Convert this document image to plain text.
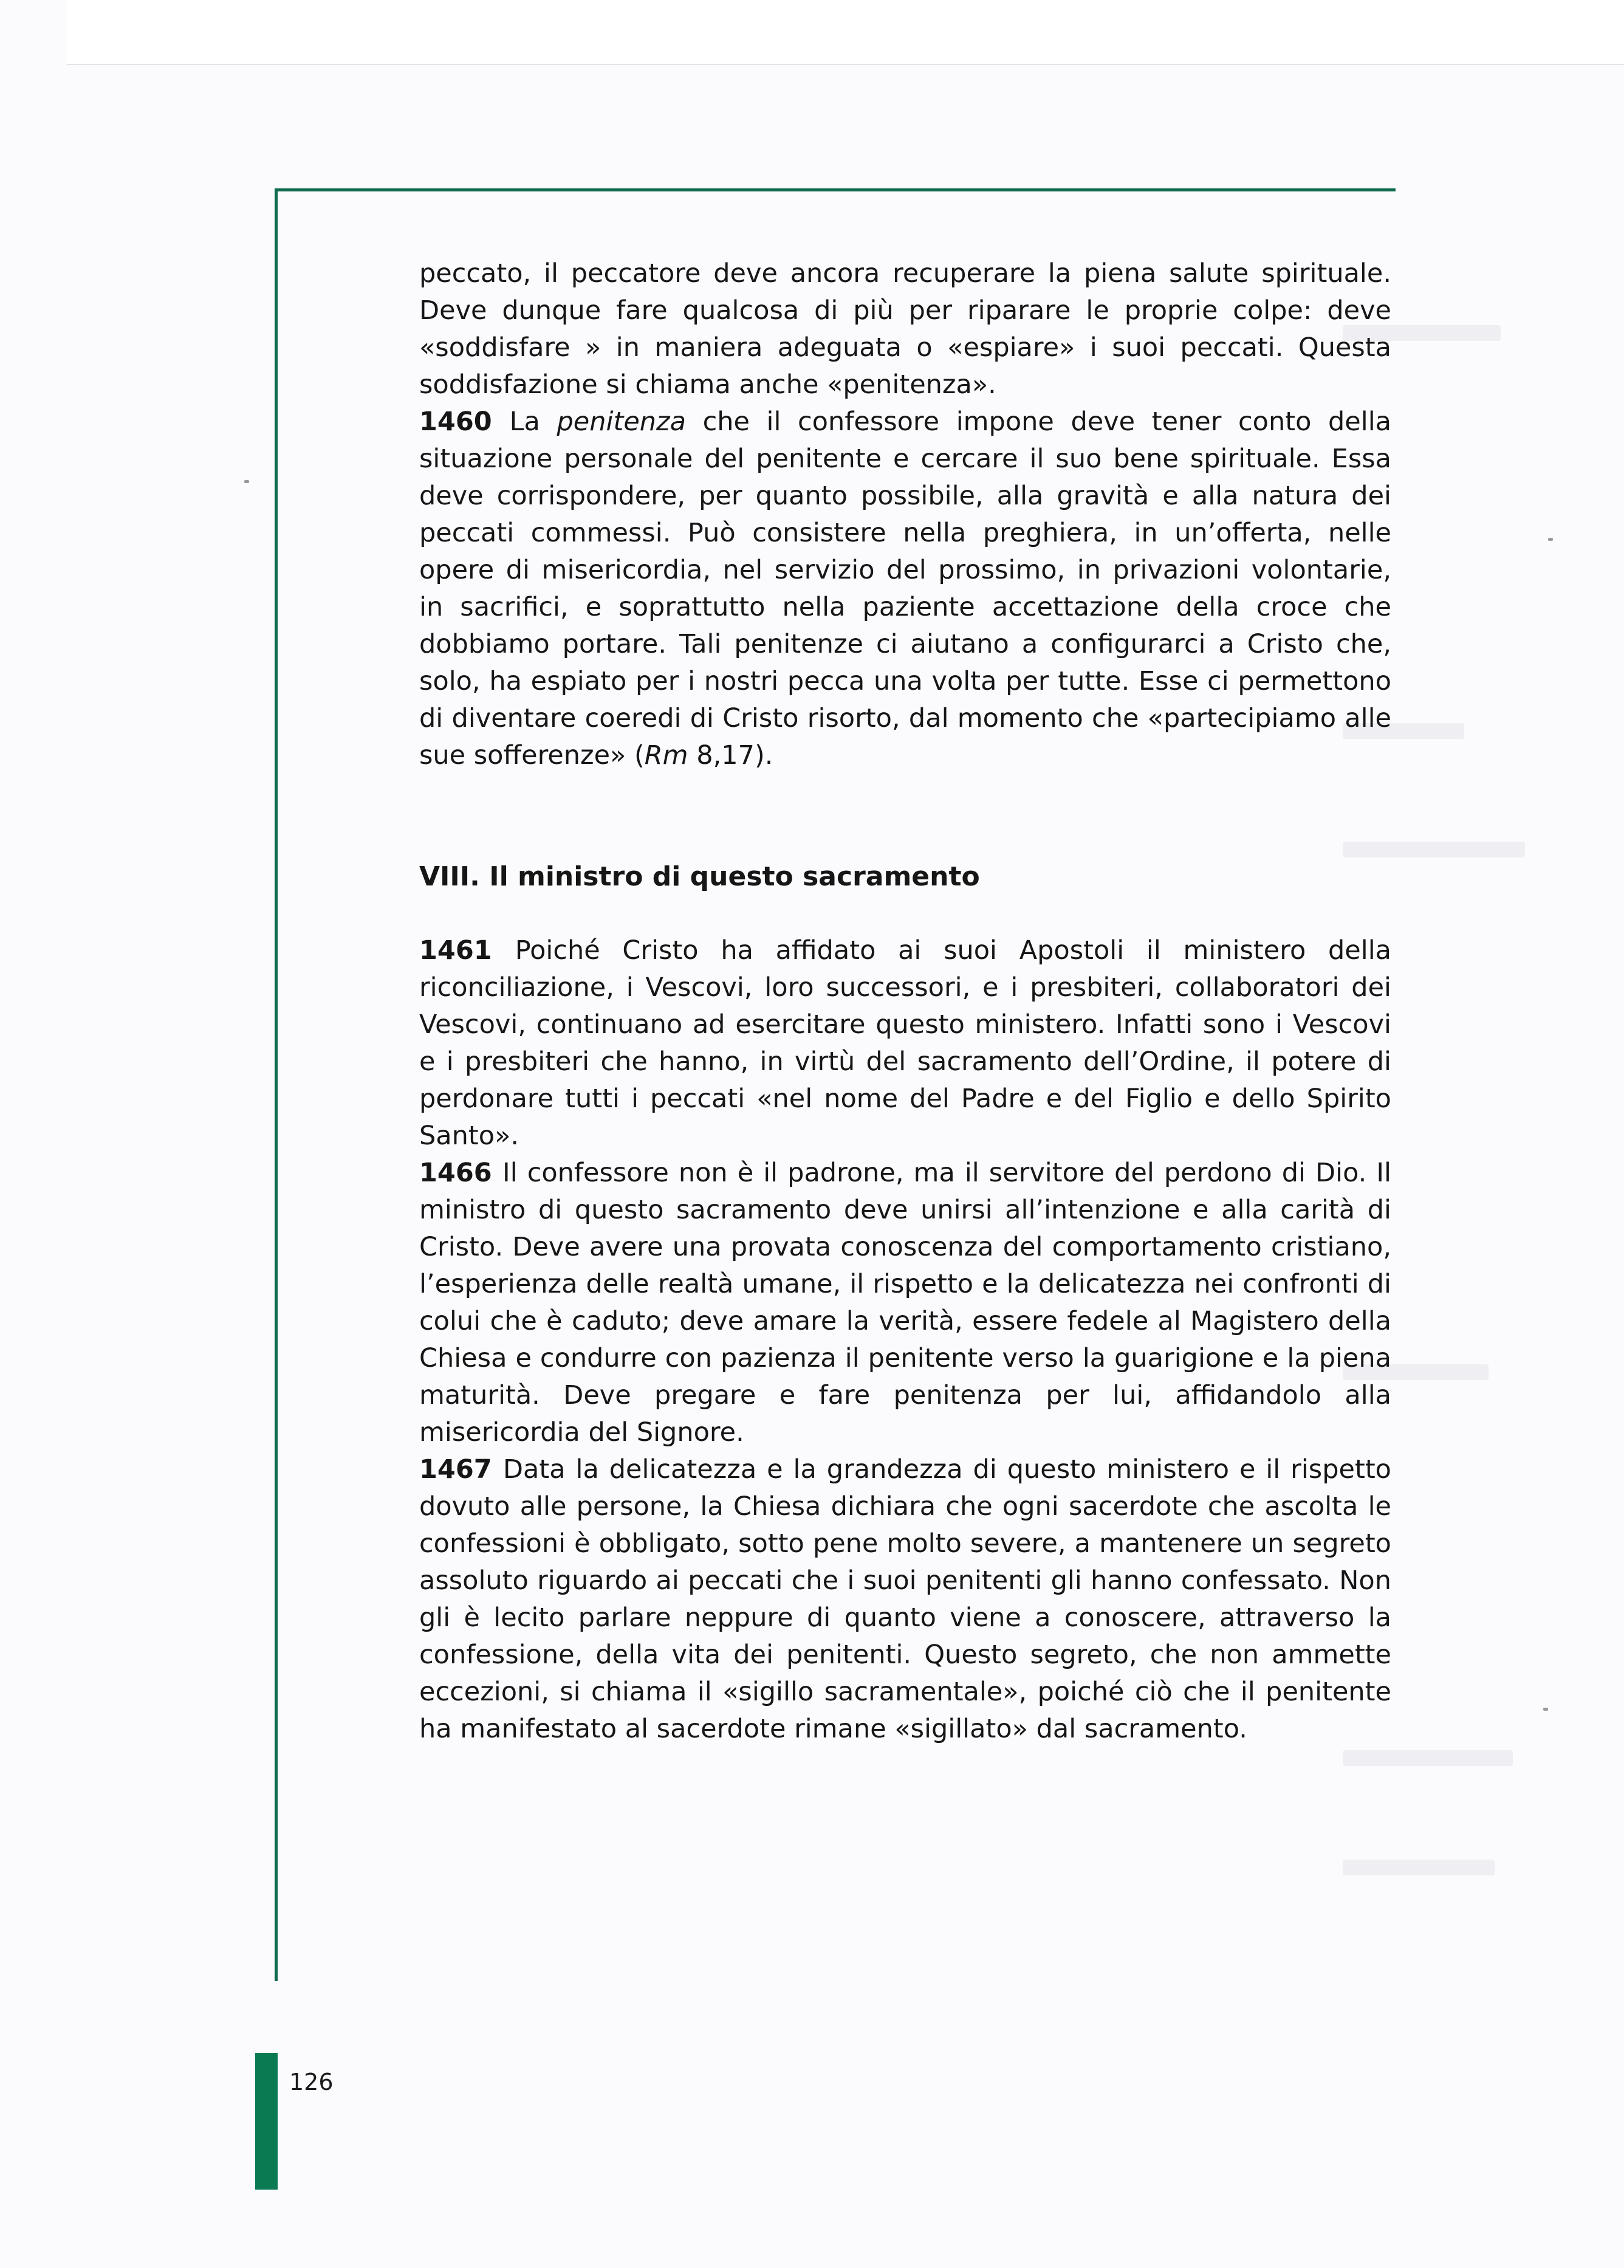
peccato, il peccatore deve ancora recuperare la piena salute spirituale. Deve dunque fare qualcosa di più per riparare le proprie colpe: deve «soddisfare » in maniera adeguata o «espiare» i suoi peccati. Questa soddisfazione si chiama anche «penitenza».

1460 La penitenza che il confessore impone deve tener conto della situazione personale del penitente e cercare il suo bene spirituale. Essa deve corrispondere, per quanto possibile, alla gravità e alla natura dei peccati commessi. Può consistere nella preghiera, in un’offerta, nelle opere di misericordia, nel servizio del prossimo, in privazioni volontarie, in sacrifici, e soprattutto nella paziente accettazione della croce che dobbiamo portare. Tali penitenze ci aiutano a configurarci a Cristo che, solo, ha espiato per i nostri pecca una volta per tutte. Esse ci permettono di diventare coeredi di Cristo risorto, dal momento che «partecipiamo alle sue sofferenze» (Rm 8,17).

VIII. Il ministro di questo sacramento

1461 Poiché Cristo ha affidato ai suoi Apostoli il ministero della riconciliazione, i Vescovi, loro successori, e i presbiteri, collaboratori dei Vescovi, continuano ad esercitare questo ministero. Infatti sono i Vescovi e i presbiteri che hanno, in virtù del sacramento dell’Ordine, il potere di perdonare tutti i peccati «nel nome del Padre e del Figlio e dello Spirito Santo».

1466 Il confessore non è il padrone, ma il servitore del perdono di Dio. Il ministro di questo sacramento deve unirsi all’intenzione e alla carità di Cristo. Deve avere una provata conoscenza del comportamento cristiano, l’esperienza delle realtà umane, il rispetto e la delicatezza nei confronti di colui che è caduto; deve amare la verità, essere fedele al Magistero della Chiesa e condurre con pazienza il penitente verso la guarigione e la piena maturità. Deve pregare e fare penitenza per lui, affidandolo alla misericordia del Signore.

1467 Data la delicatezza e la grandezza di questo ministero e il rispetto dovuto alle persone, la Chiesa dichiara che ogni sacerdote che ascolta le confessioni è obbligato, sotto pene molto severe, a mantenere un segreto assoluto riguardo ai peccati che i suoi penitenti gli hanno confessato. Non gli è lecito parlare neppure di quanto viene a conoscere, attraverso la confessione, della vita dei penitenti. Questo segreto, che non ammette eccezioni, si chiama il «sigillo sacramentale», poiché ciò che il penitente ha manifestato al sacerdote rimane «sigillato» dal sacramento.

126
